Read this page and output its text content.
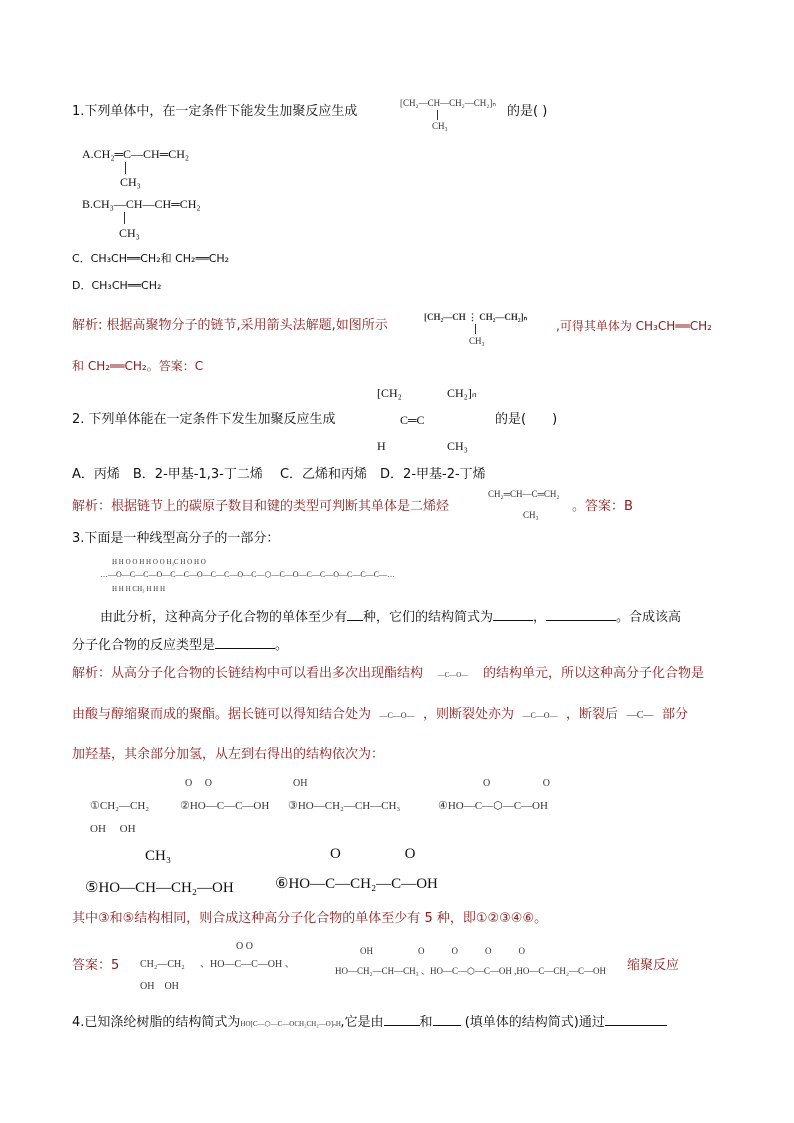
1.下列单体中，在一定条件下能发生加聚反应生成
[CH₂—CH—CH₂—CH₂]ₙ
CH₃
的是( )
A.CH₂═C—CH═CH₂
CH₃
B.CH₃—CH—CH═CH₂
CH₃
C．CH₃CH══CH₂和 CH₂══CH₂
D．CH₃CH══CH₂
解析: 根据高聚物分子的链节,采用箭头法解题,如图所示
[CH₂—CH ⋮ CH₂—CH₂]ₙ
CH₃
,可得其单体为 CH₃CH══CH₂
和 CH₂══CH₂。答案：C
2. 下列单体能在一定条件下发生加聚反应生成
[CH₂	CH₂]ₙ
C═C
H	CH₃
的是(　　)
A．丙烯　B．2-甲基-1,3-丁二烯　 C．乙烯和丙烯　D．2-甲基-2-丁烯
解析：根据链节上的碳原子数目和键的类型可判断其单体是二烯烃
CH₂═CH—C═CH₂
CH₃
。答案：B
3.下面是一种线型高分子的一部分：
H H O O H H O O H₃C H O H O
…—O—C—C—O—C—C—O—C—C—O—C—⬡—C—O—C—C—O—C—C—C—…
H H H CH₃ H H H
由此分析，这种高分子化合物的单体至少有 种，它们的结构简式为	，	。合成该高
分子化合物的反应类型是	。
解析：从高分子化合物的长链结构中可以看出多次出现酯结构 —C—O— 的结构单元，所以这种高分子化合物是
由酸与醇缩聚而成的聚酯。据长链可以得知结合处为 —C—O— ，则断裂处亦为 —C—O— ，断裂后 —C— 部分
加羟基，其余部分加氢，从左到右得出的结构依次为：
O　 O	OH	O　　　　　 O
①CH₂—CH₂
OH　 OH
②HO—C—C—OH ③HO—CH₂—CH—CH₃	④HO—C—⬡—C—OH
CH₃
⑤HO—CH—CH₂—OH
O　　　　 O
⑥HO—C—CH₂—C—OH
其中③和⑤结构相同，则合成这种高分子化合物的单体至少有 5 种，即①②③④⑥。
答案：5 CH₂—CH₂
OH　OH
O O
、HO—C—C—OH 、
OH　　　　　O　　　O　　　O　　　O
HO—CH₂—CH—CH₃ 、HO—C—⬡—C—OH ,HO—C—CH₂—C—OH 缩聚反应
4.已知涤纶树脂的结构简式为HO[C—⬡—C—OCH₂CH₂—O]ₙH,它是由	和 (填单体的结构简式)通过
